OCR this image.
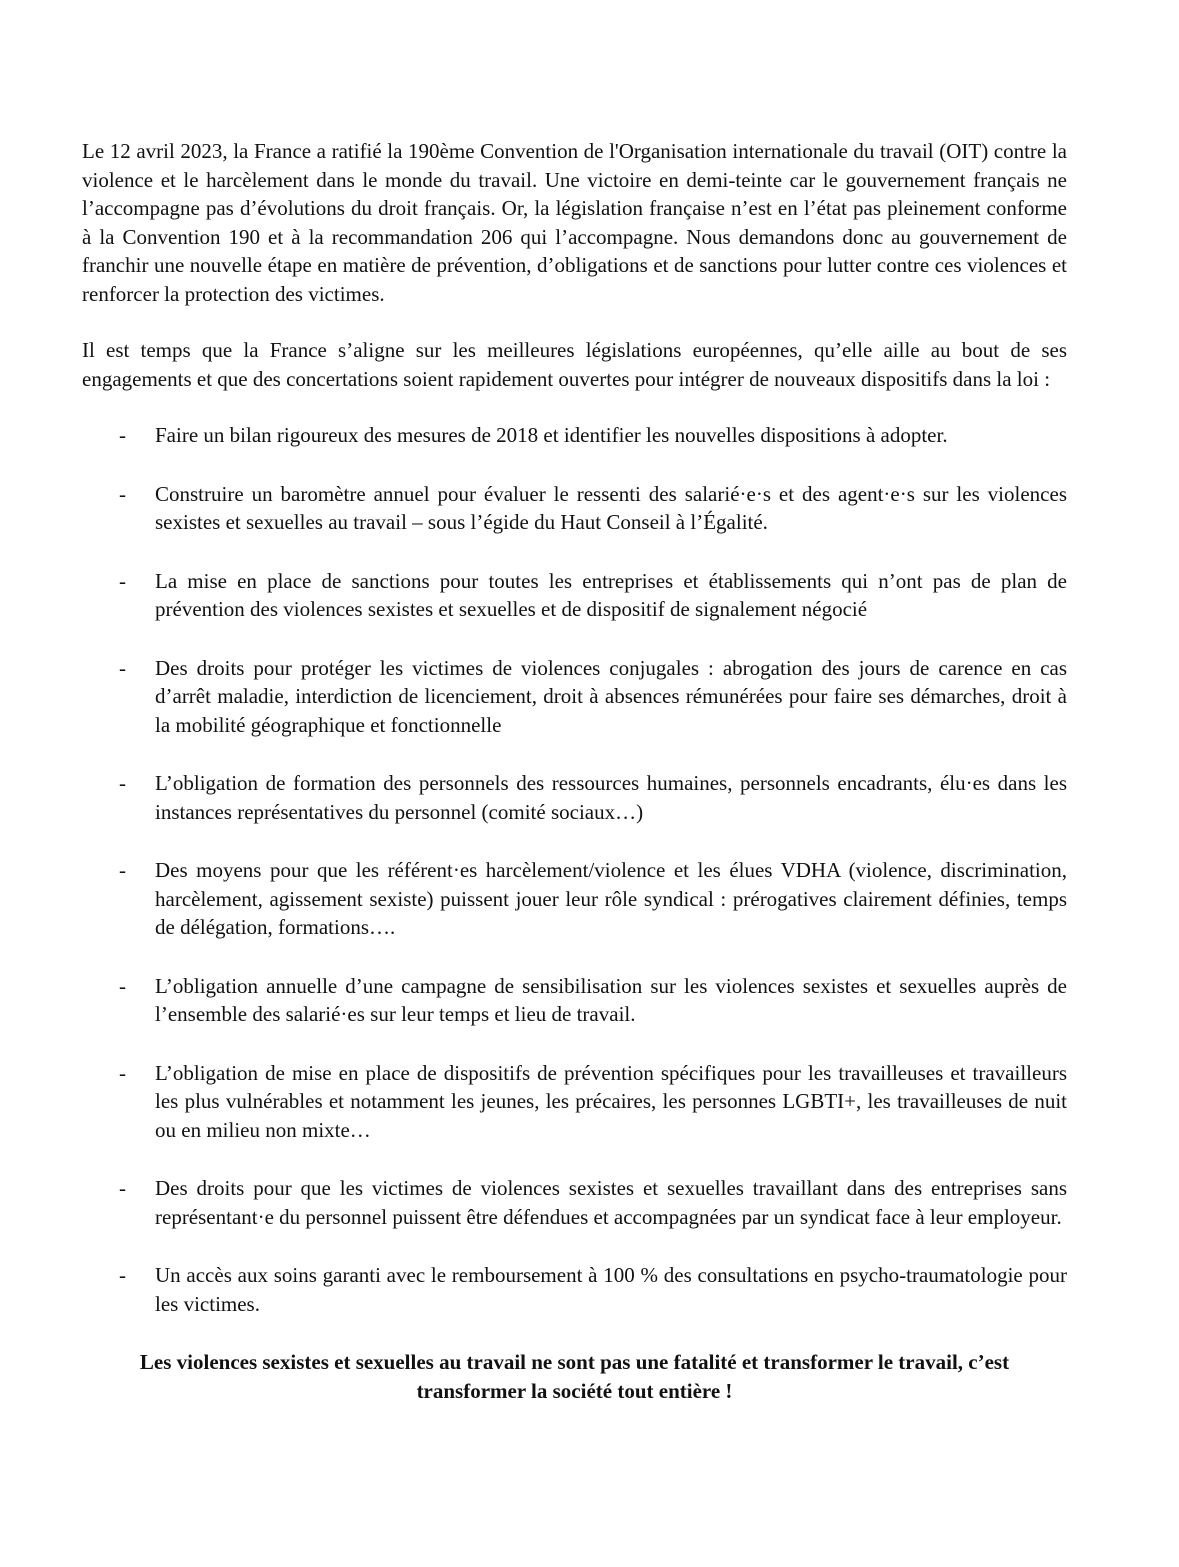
Le 12 avril 2023, la France a ratifié la 190ème Convention de l'Organisation internationale du travail (OIT) contre la violence et le harcèlement dans le monde du travail. Une victoire en demi-teinte car le gouvernement français ne l’accompagne pas d’évolutions du droit français. Or, la législation française n’est en l’état pas pleinement conforme à la Convention 190 et à la recommandation 206 qui l’accompagne. Nous demandons donc au gouvernement de franchir une nouvelle étape en matière de prévention, d’obligations et de sanctions pour lutter contre ces violences et renforcer la protection des victimes.

Il est temps que la France s’aligne sur les meilleures législations européennes, qu’elle aille au bout de ses engagements et que des concertations soient rapidement ouvertes pour intégrer de nouveaux dispositifs dans la loi :

- Faire un bilan rigoureux des mesures de 2018 et identifier les nouvelles dispositions à adopter.
- Construire un baromètre annuel pour évaluer le ressenti des salarié·e·s et des agent·e·s sur les violences sexistes et sexuelles au travail – sous l’égide du Haut Conseil à l’Égalité.
- La mise en place de sanctions pour toutes les entreprises et établissements qui n’ont pas de plan de prévention des violences sexistes et sexuelles et de dispositif de signalement négocié
- Des droits pour protéger les victimes de violences conjugales : abrogation des jours de carence en cas d’arrêt maladie, interdiction de licenciement, droit à absences rémunérées pour faire ses démarches, droit à la mobilité géographique et fonctionnelle
- L’obligation de formation des personnels des ressources humaines, personnels encadrants, élu·es dans les instances représentatives du personnel (comité sociaux…)
- Des moyens pour que les référent·es harcèlement/violence et les élues VDHA (violence, discrimination, harcèlement, agissement sexiste) puissent jouer leur rôle syndical : prérogatives clairement définies, temps de délégation, formations….
- L’obligation annuelle d’une campagne de sensibilisation sur les violences sexistes et sexuelles auprès de l’ensemble des salarié·es sur leur temps et lieu de travail.
- L’obligation de mise en place de dispositifs de prévention spécifiques pour les travailleuses et travailleurs les plus vulnérables et notamment les jeunes, les précaires, les personnes LGBTI+, les travailleuses de nuit ou en milieu non mixte…
- Des droits pour que les victimes de violences sexistes et sexuelles travaillant dans des entreprises sans représentant·e du personnel puissent être défendues et accompagnées par un syndicat face à leur employeur.
- Un accès aux soins garanti avec le remboursement à 100 % des consultations en psycho-traumatologie pour les victimes.

Les violences sexistes et sexuelles au travail ne sont pas une fatalité et transformer le travail, c’est transformer la société tout entière !
